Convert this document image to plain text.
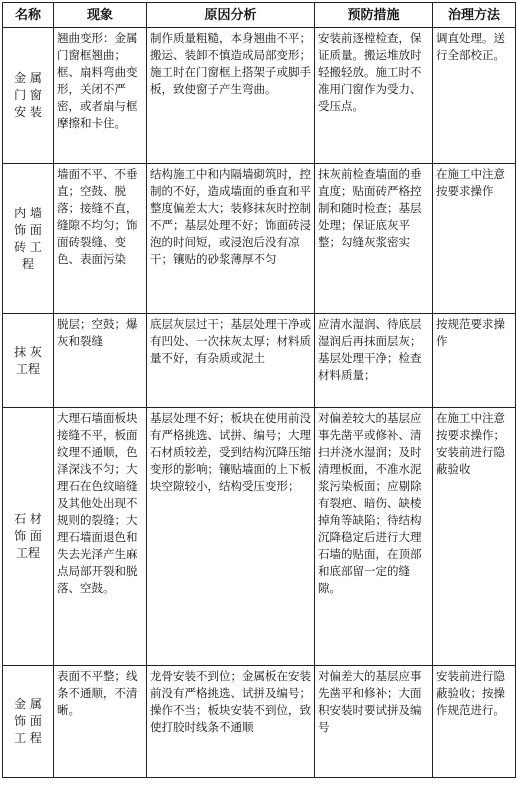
名称	现象	原因分析	预防措施	治理方法
金 属 门 窗 安 装	翘曲变形：金属门窗框翘曲；框、扇料弯曲变形，关闭不严密，或者扇与框摩擦和卡住。	制作质量粗糙，本身翘曲不平；搬运、装卸不慎造成局部变形；施工时在门窗框上搭架子或脚手板，致使窗子产生弯曲。	安装前逐樘检查，保证质量。搬运堆放时轻搬轻放。施工时不准用门窗作为受力、受压点。	调直处理。送行全部校正。
内 墙 饰 面 砖 工 程	墙面不平、不垂直；空鼓、脱落；接缝不直，缝隙不均匀；饰面砖裂缝、变色、表面污染	结构施工中和内隔墙砌筑时，控制的不好，造成墙面的垂直和平整度偏差太大；装修抹灰时控制不严；基层处理不好；饰面砖浸泡的时间短，或浸泡后没有凉干；镶贴的砂浆薄厚不匀	抹灰前检查墙面的垂直度；贴面砖严格控制和随时检查；基层处理；保证底灰平整；勾缝灰浆密实	在施工中注意按要求操作
抹 灰 工程	脱层；空鼓；爆灰和裂缝	底层灰层过干；基层处理干净或有凹处、一次抹灰太厚；材料质量不好，有杂质或泥土	应清水湿润、待底层湿润后再抹面层灰；基层处理干净；检查材料质量；	按规范要求操作
石 材 饰 面 工程	大理石墙面板块接缝不平，板面纹理不通顺，色泽深浅不匀；大理石在色纹暗缝及其他处出现不规则的裂缝；大理石墙面退色和失去光泽产生麻点局部开裂和脱落、空鼓。	基层处理不好；板块在使用前没有严格挑选、试拼、编号；大理石材质较差，受到结构沉降压缩变形的影响；镶贴墙面的上下板块空隙较小，结构受压变形；	对偏差较大的基层应事先凿平或修补、清扫并浇水湿润；及时清理板面，不准水泥浆污染板面；应剔除有裂疤、暗伤、缺棱掉角等缺陷；待结构沉降稳定后进行大理石墙的贴面，在顶部和底部留一定的缝隙。	在施工中注意按要求操作；安装前进行隐蔽验收
金 属 饰 面 工 程	表面不平整；线条不通顺，不清晰。	龙骨安装不到位；金属板在安装前没有严格挑选、试拼及编号；操作不当；板块安装不到位，致使打胶时线条不通顺	对偏差大的基层应事先凿平和修补；大面积安装时要试拼及编号	安装前进行隐蔽验收；按操作规范进行。
